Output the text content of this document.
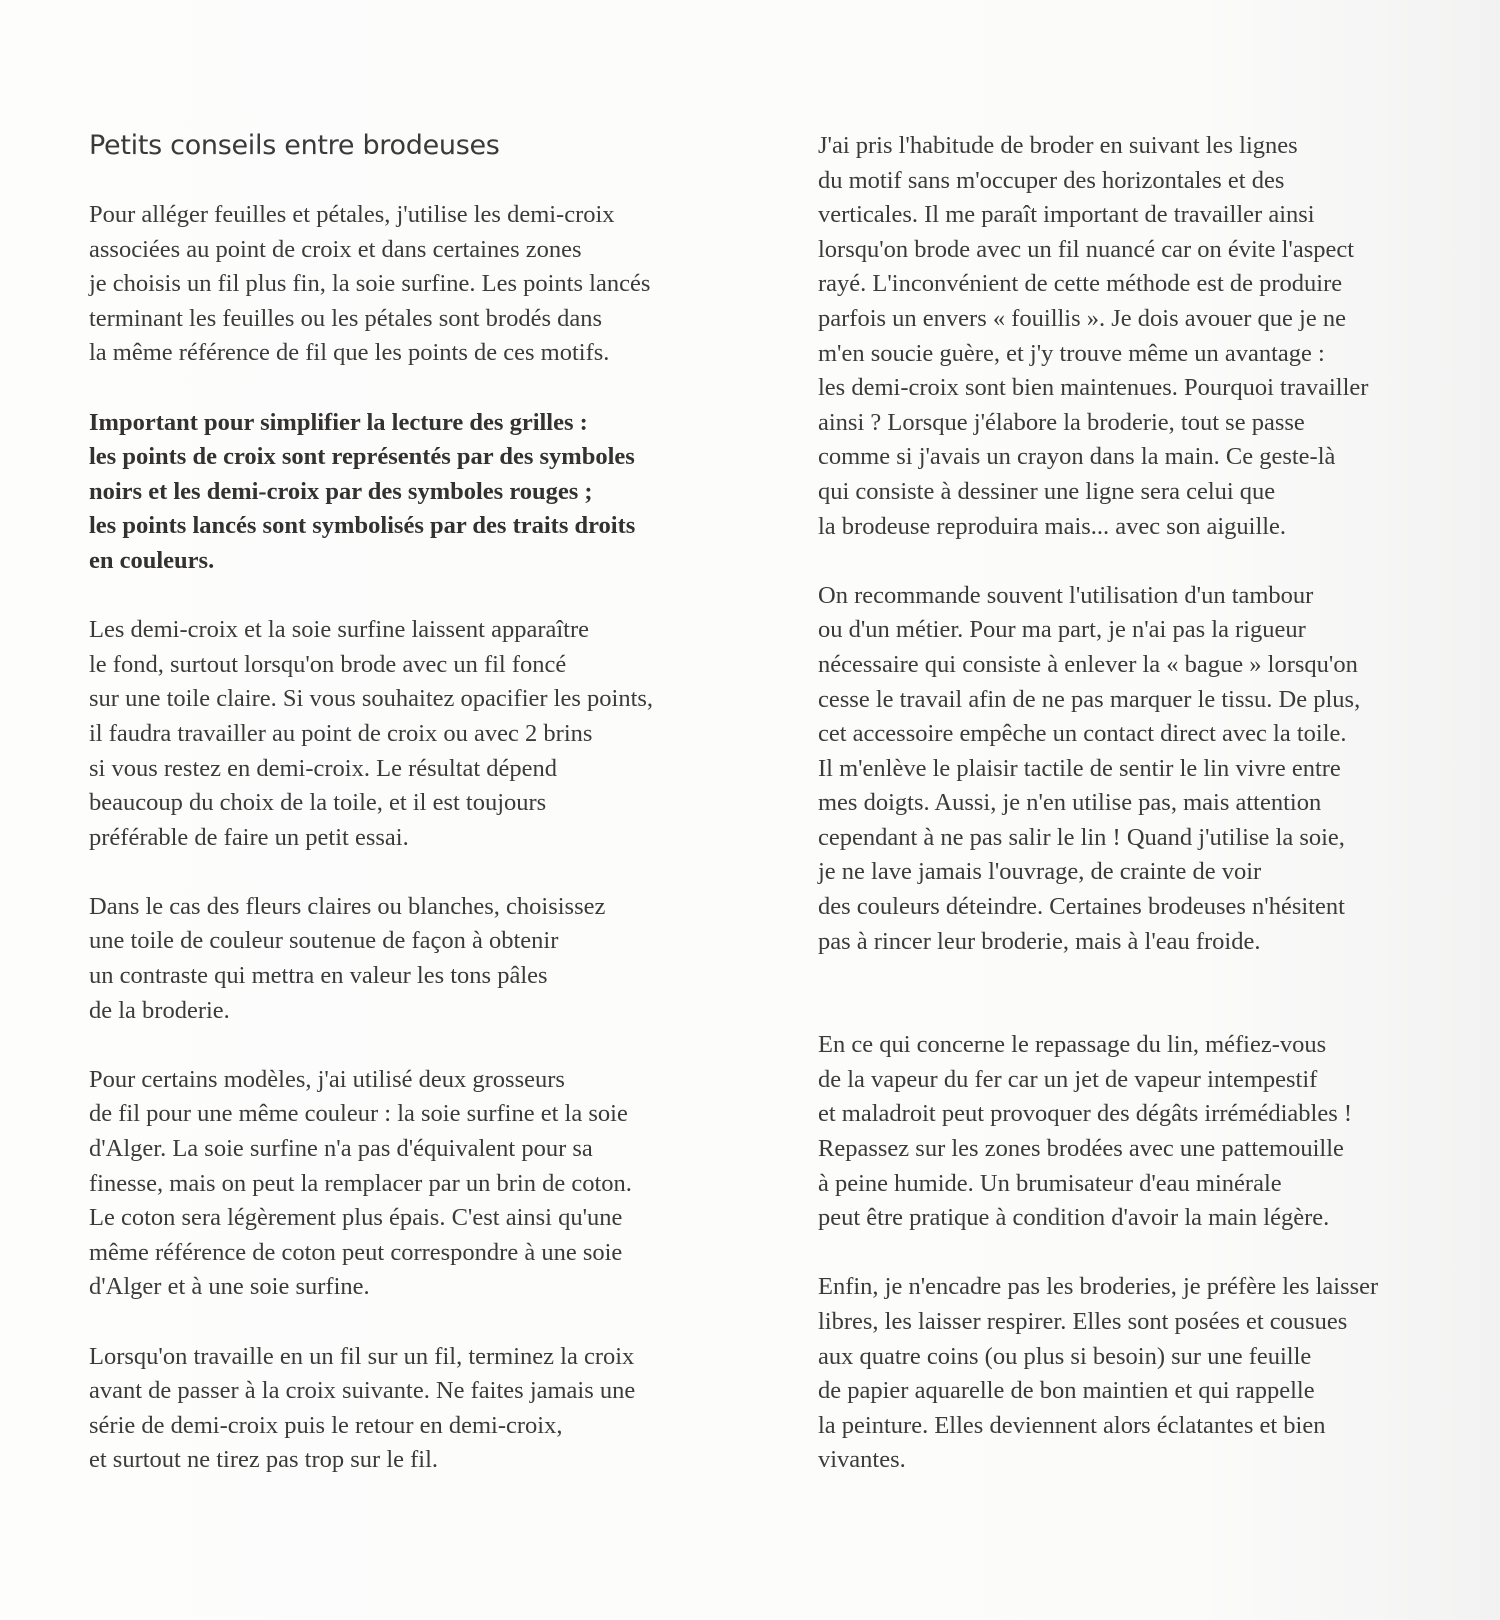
Petits conseils entre brodeuses
Pour alléger feuilles et pétales, j'utilise les demi-croix
associées au point de croix et dans certaines zones
je choisis un fil plus fin, la soie surfine. Les points lancés
terminant les feuilles ou les pétales sont brodés dans
la même référence de fil que les points de ces motifs.
Important pour simplifier la lecture des grilles :
les points de croix sont représentés par des symboles
noirs et les demi-croix par des symboles rouges ;
les points lancés sont symbolisés par des traits droits
en couleurs.
Les demi-croix et la soie surfine laissent apparaître
le fond, surtout lorsqu'on brode avec un fil foncé
sur une toile claire. Si vous souhaitez opacifier les points,
il faudra travailler au point de croix ou avec 2 brins
si vous restez en demi-croix. Le résultat dépend
beaucoup du choix de la toile, et il est toujours
préférable de faire un petit essai.
Dans le cas des fleurs claires ou blanches, choisissez
une toile de couleur soutenue de façon à obtenir
un contraste qui mettra en valeur les tons pâles
de la broderie.
Pour certains modèles, j'ai utilisé deux grosseurs
de fil pour une même couleur : la soie surfine et la soie
d'Alger. La soie surfine n'a pas d'équivalent pour sa
finesse, mais on peut la remplacer par un brin de coton.
Le coton sera légèrement plus épais. C'est ainsi qu'une
même référence de coton peut correspondre à une soie
d'Alger et à une soie surfine.
Lorsqu'on travaille en un fil sur un fil, terminez la croix
avant de passer à la croix suivante. Ne faites jamais une
série de demi-croix puis le retour en demi-croix,
et surtout ne tirez pas trop sur le fil.
J'ai pris l'habitude de broder en suivant les lignes
du motif sans m'occuper des horizontales et des
verticales. Il me paraît important de travailler ainsi
lorsqu'on brode avec un fil nuancé car on évite l'aspect
rayé. L'inconvénient de cette méthode est de produire
parfois un envers « fouillis ». Je dois avouer que je ne
m'en soucie guère, et j'y trouve même un avantage :
les demi-croix sont bien maintenues. Pourquoi travailler
ainsi ? Lorsque j'élabore la broderie, tout se passe
comme si j'avais un crayon dans la main. Ce geste-là
qui consiste à dessiner une ligne sera celui que
la brodeuse reproduira mais... avec son aiguille.
On recommande souvent l'utilisation d'un tambour
ou d'un métier. Pour ma part, je n'ai pas la rigueur
nécessaire qui consiste à enlever la « bague » lorsqu'on
cesse le travail afin de ne pas marquer le tissu. De plus,
cet accessoire empêche un contact direct avec la toile.
Il m'enlève le plaisir tactile de sentir le lin vivre entre
mes doigts. Aussi, je n'en utilise pas, mais attention
cependant à ne pas salir le lin ! Quand j'utilise la soie,
je ne lave jamais l'ouvrage, de crainte de voir
des couleurs déteindre. Certaines brodeuses n'hésitent
pas à rincer leur broderie, mais à l'eau froide.
En ce qui concerne le repassage du lin, méfiez-vous
de la vapeur du fer car un jet de vapeur intempestif
et maladroit peut provoquer des dégâts irrémédiables !
Repassez sur les zones brodées avec une pattemouille
à peine humide. Un brumisateur d'eau minérale
peut être pratique à condition d'avoir la main légère.
Enfin, je n'encadre pas les broderies, je préfère les laisser
libres, les laisser respirer. Elles sont posées et cousues
aux quatre coins (ou plus si besoin) sur une feuille
de papier aquarelle de bon maintien et qui rappelle
la peinture. Elles deviennent alors éclatantes et bien
vivantes.
